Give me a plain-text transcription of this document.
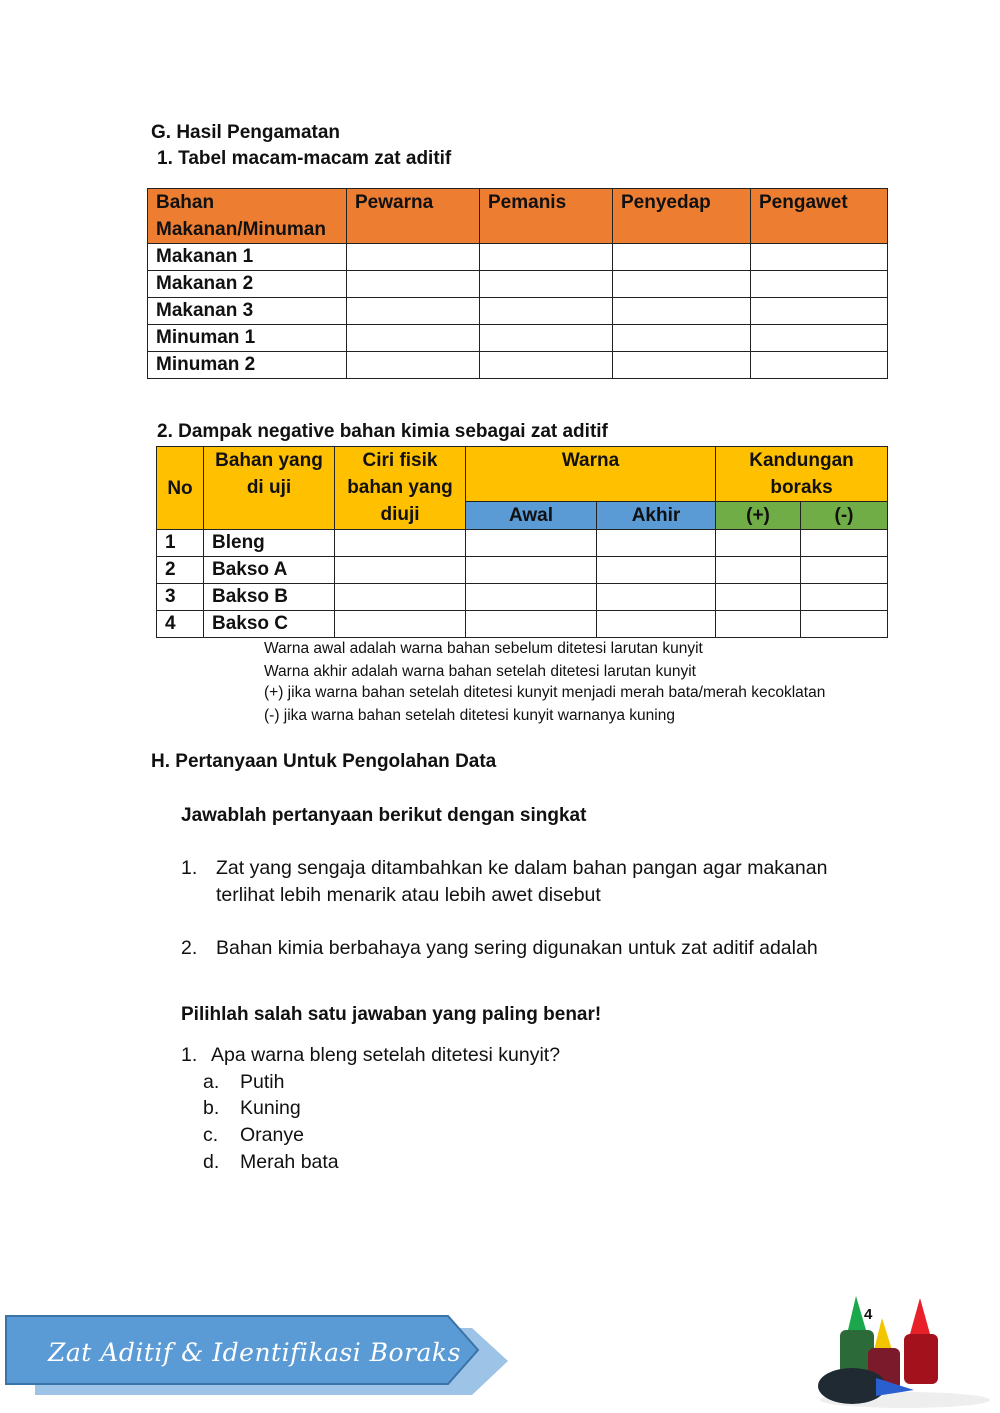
G. Hasil Pengamatan
1. Tabel macam-macam zat aditif
Bahan Makanan/Minuman	Pewarna	Pemanis	Penyedap	Pengawet
Makanan 1				
Makanan 2				
Makanan 3				
Minuman 1				
Minuman 2				
2. Dampak negative bahan kimia sebagai zat aditif
No	Bahan yang di uji	Ciri fisik bahan yang diuji	Warna		Kandungan boraks	

			Awal	Akhir	(+)	(-)
1	Bleng					
2	Bakso A					
3	Bakso B					
4	Bakso C					
Warna awal adalah warna bahan sebelum ditetesi larutan kunyit
Warna akhir adalah warna bahan setelah ditetesi larutan kunyit
(+) jika warna bahan setelah ditetesi kunyit menjadi merah bata/merah kecoklatan
(-) jika warna bahan setelah ditetesi kunyit warnanya kuning
H. Pertanyaan Untuk Pengolahan Data
Jawablah pertanyaan berikut dengan singkat
1. Zat yang sengaja ditambahkan ke dalam bahan pangan agar makanan
terlihat lebih menarik atau lebih awet disebut
2. Bahan kimia berbahaya yang sering digunakan untuk zat aditif adalah
Pilihlah salah satu jawaban yang paling benar!
1. Apa warna bleng setelah ditetesi kunyit?
a. Putih
b. Kuning
c. Oranye
d. Merah bata
Zat Aditif & Identifikasi Boraks
4
